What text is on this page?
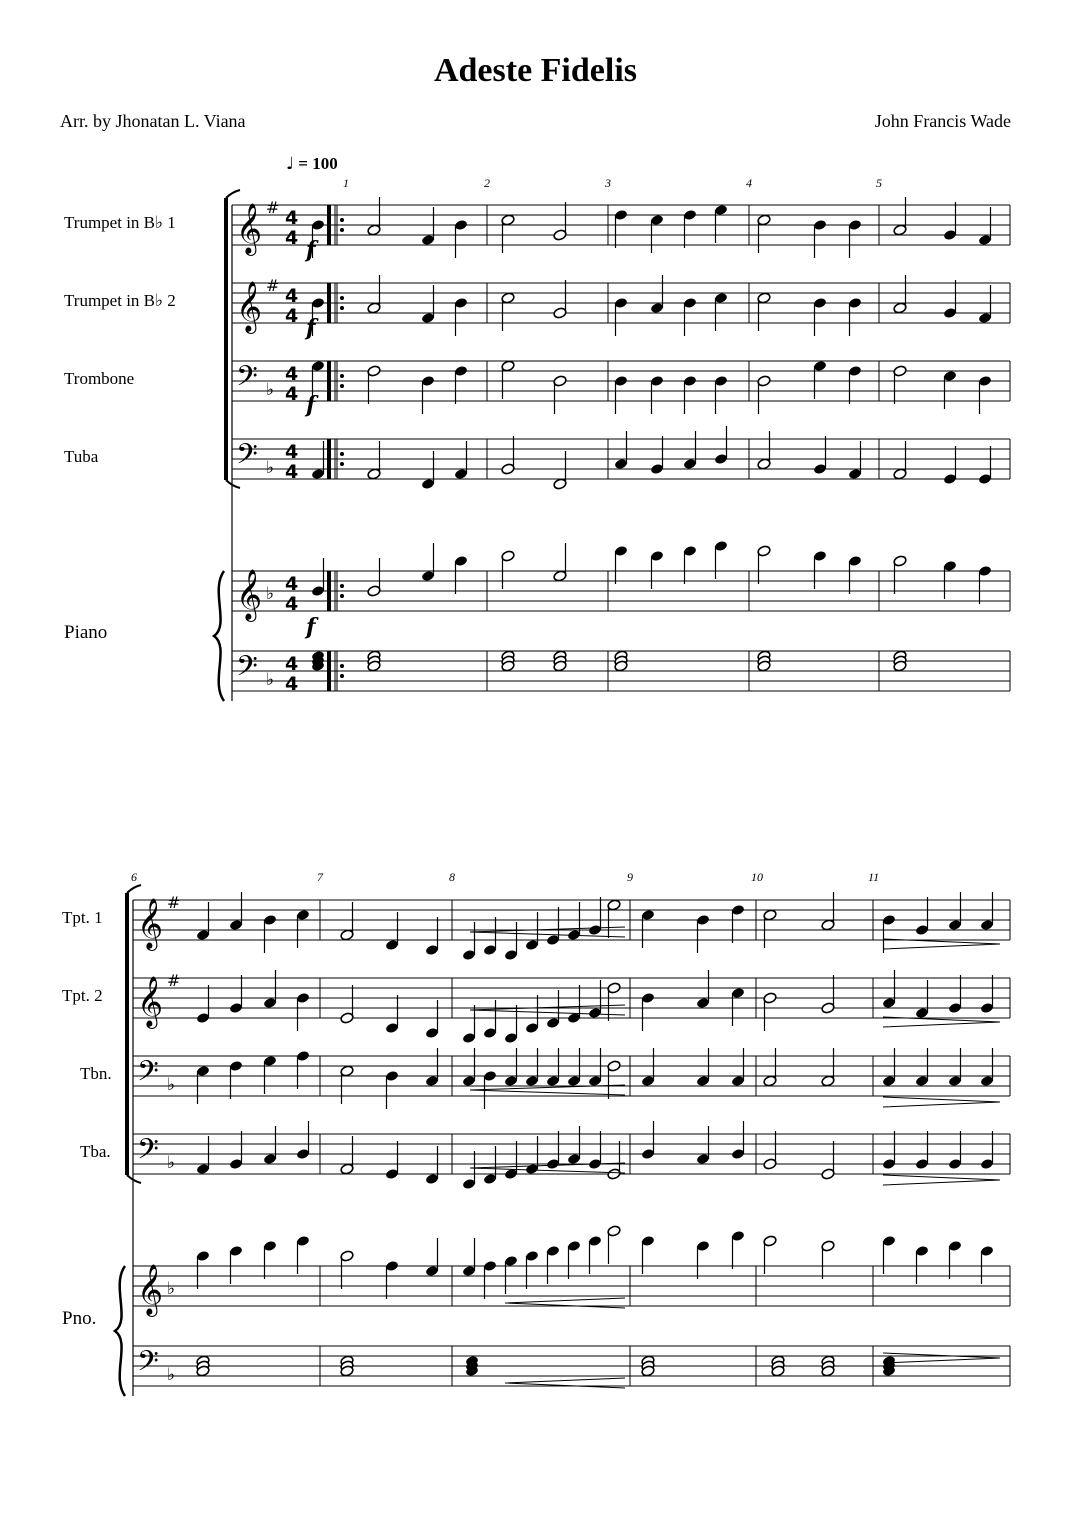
Adeste Fidelis
Arr. by Jhonatan L. Viana	John Francis Wade
♩ = 100
Trumpet in B♭ 1
Trumpet in B♭ 2
Trombone
Tuba
Piano
Tpt. 1
Tpt. 2
Tbn.
Tba.
Pno.
1	2	3	4	5
6	7	8	9	10	11
f
f
f
f
𝄞 # 4
4
𝄞 # 4
4
𝄢 ♭
4
4
𝄢 ♭
4
4
𝄞 ♭ 4
4
𝄢 ♭
4
4
𝄞 #
𝄞 #
𝄢 ♭
𝄢 ♭
𝄞 ♭
𝄢 ♭
